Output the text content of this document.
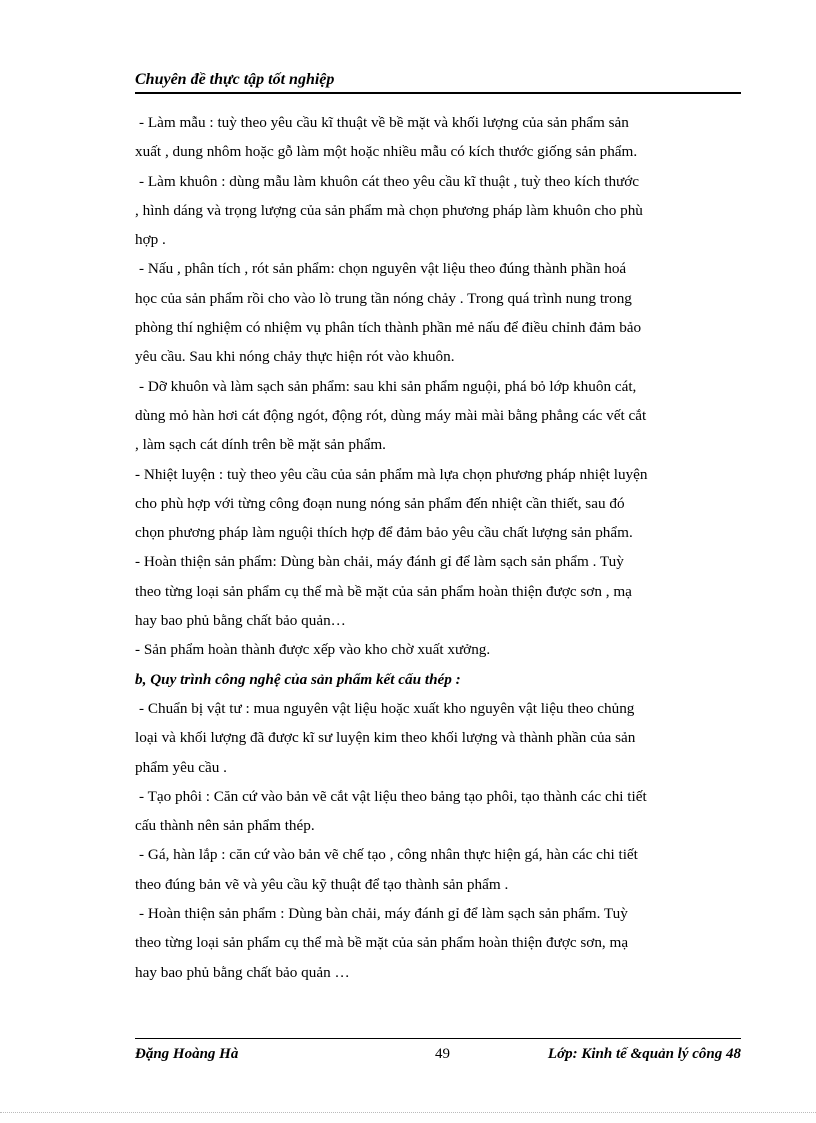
Chuyên đề thực tập tốt nghiệp
- Làm mẫu : tuỳ theo yêu cầu kĩ thuật về bề mặt và khối lượng của sản phẩm sản
xuất , dung nhôm hoặc gỗ làm một hoặc nhiều mẫu có kích thước giống sản phẩm.
- Làm khuôn : dùng mẫu làm khuôn cát theo yêu cầu kĩ thuật , tuỳ theo kích thước
, hình dáng và trọng lượng của sản phẩm mà chọn phương pháp làm khuôn cho phù
hợp .
- Nấu , phân tích , rót sản phẩm: chọn nguyên vật liệu theo đúng thành phần hoá
học của sản phẩm rồi cho vào lò trung tần nóng chảy . Trong quá trình nung trong
phòng thí nghiệm có nhiệm vụ phân tích thành phần mẻ nấu để điều chỉnh đảm bảo
yêu cầu. Sau khi nóng chảy thực hiện rót vào khuôn.
- Dỡ khuôn và làm sạch sản phẩm: sau khi sản phẩm nguội, phá bỏ lớp khuôn cát,
dùng mỏ hàn hơi cát động ngót, động rót, dùng máy mài mài bằng phẳng các vết cắt
, làm sạch cát dính trên bề mặt sản phẩm.
- Nhiệt luyện : tuỳ theo yêu cầu của sản phẩm mà lựa chọn phương pháp nhiệt luyện
cho phù hợp với từng công đoạn nung nóng sản phẩm đến nhiệt cần thiết, sau đó
chọn phương pháp làm nguội thích hợp để đảm bảo yêu cầu chất lượng sản phẩm.
- Hoàn thiện sản phẩm: Dùng bàn chải, máy đánh gỉ để làm sạch sản phẩm . Tuỳ
theo từng loại sản phẩm cụ thể mà bề mặt của sản phẩm hoàn thiện được sơn , mạ
hay bao phủ bằng chất bảo quản…
- Sản phẩm hoàn thành được xếp vào kho chờ xuất xưởng.
b, Quy trình công nghệ của sản phẩm kết cấu thép :
- Chuẩn bị vật tư : mua nguyên vật liệu hoặc xuất kho nguyên vật liệu theo chủng
loại và khối lượng đã được kĩ sư luyện kim theo khối lượng và thành phần của sản
phẩm yêu cầu .
- Tạo phôi : Căn cứ vào bản vẽ cắt vật liệu theo bảng tạo phôi, tạo thành các chi tiết
cấu thành nên sản phẩm thép.
- Gá, hàn lắp : căn cứ vào bản vẽ chế tạo , công nhân thực hiện gá, hàn các chi tiết
theo đúng bản vẽ và yêu cầu kỹ thuật để tạo thành sản phẩm .
- Hoàn thiện sản phẩm : Dùng bàn chải, máy đánh gỉ để làm sạch sản phẩm. Tuỳ
theo từng loại sản phẩm cụ thể mà bề mặt của sản phẩm hoàn thiện được sơn, mạ
hay bao phủ bằng chất bảo quản …
Đặng Hoàng Hà	49	Lớp: Kinh tế &quản lý công 48
